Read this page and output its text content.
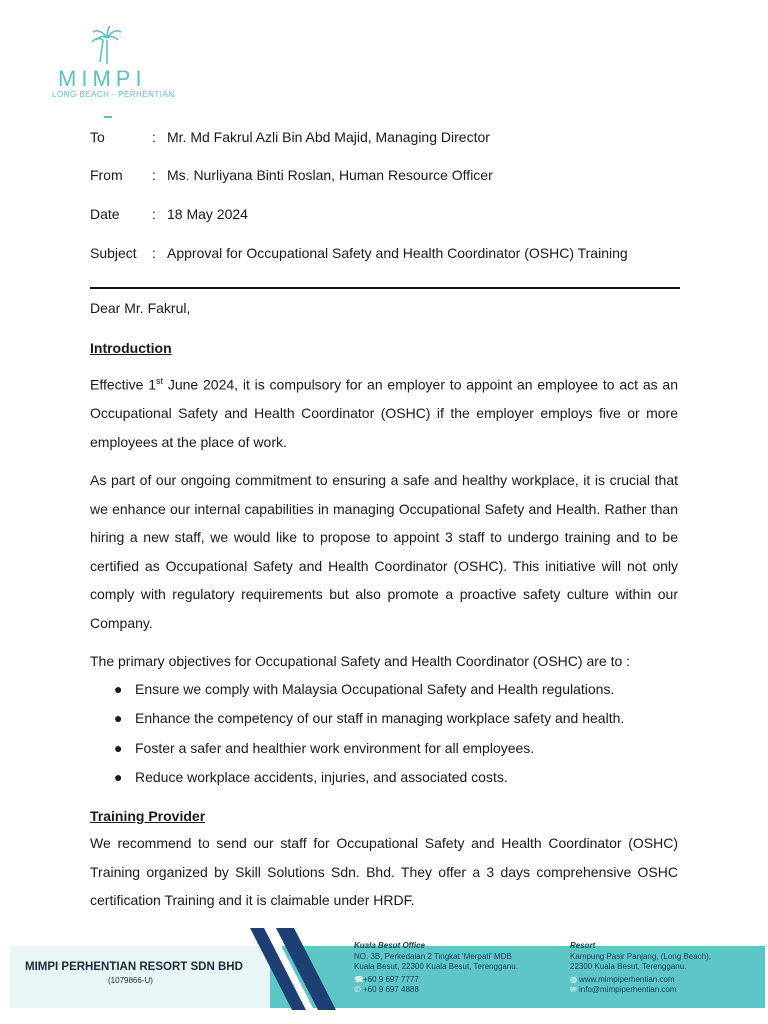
MIMPI
LONG BEACH - PERHENTIAN
To	: Mr. Md Fakrul Azli Bin Abd Majid, Managing Director
From : Ms. Nurliyana Binti Roslan, Human Resource Officer
Date : 18 May 2024
Subject : Approval for Occupational Safety and Health Coordinator (OSHC) Training
Dear Mr. Fakrul,
Introduction
Effective 1st June 2024, it is compulsory for an employer to appoint an employee to act as an Occupational Safety and Health Coordinator (OSHC) if the employer employs five or more employees at the place of work.
As part of our ongoing commitment to ensuring a safe and healthy workplace, it is crucial that we enhance our internal capabilities in managing Occupational Safety and Health. Rather than hiring a new staff, we would like to propose to appoint 3 staff to undergo training and to be certified as Occupational Safety and Health Coordinator (OSHC). This initiative will not only comply with regulatory requirements but also promote a proactive safety culture within our Company.
The primary objectives for Occupational Safety and Health Coordinator (OSHC) are to :
● Ensure we comply with Malaysia Occupational Safety and Health regulations.
● Enhance the competency of our staff in managing workplace safety and health.
● Foster a safer and healthier work environment for all employees.
● Reduce workplace accidents, injuries, and associated costs.
Training Provider
We recommend to send our staff for Occupational Safety and Health Coordinator (OSHC) Training organized by Skill Solutions Sdn. Bhd. They offer a 3 days comprehensive OSHC certification Training and it is claimable under HRDF.
MIMPI PERHENTIAN RESORT SDN BHD
(1079866-U)
Kuala Besut Office
NO. 3B, Perkedaian 2 Tingkat 'Merpati' MDB
Kuala Besut, 22300 Kuala Besut, Terengganu.
☎+60 9 697 7777
✆ +60 9 697 4888
Resort
Kampung Pasir Panjang, (Long Beach),
22300 Kuala Besut, Terengganu.
◍ www.mimpiperhentian.com
✉ info@mimpiperhentian.com
